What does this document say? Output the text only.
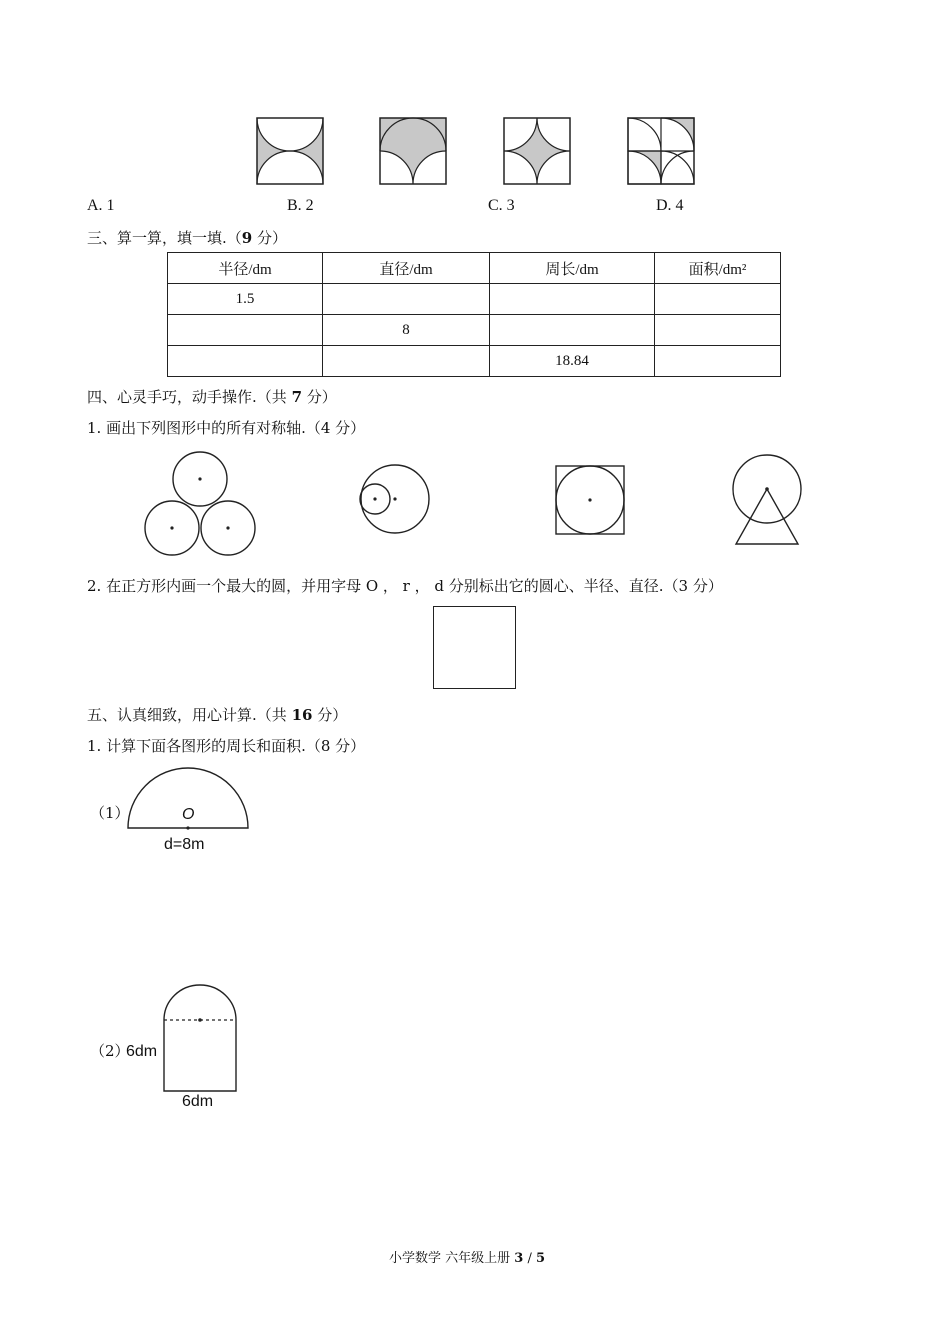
A. 1	B. 2	C. 3	D. 4
三、算一算，填一填.（9 分）
半径/dm	直径/dm	周长/dm	面积/dm²
1.5			
	8		
		18.84	
四、心灵手巧，动手操作.（共 7 分）
1. 画出下列图形中的所有对称轴.（4 分）
2. 在正方形内画一个最大的圆，并用字母 O ， r ， d 分别标出它的圆心、半径、直径.（3 分）
五、认真细致，用心计算.（共 16 分）
1. 计算下面各图形的周长和面积.（8 分）
（1）	O
d=8m
（2）
6dm
6dm
小学数学 六年级上册 3 / 5
